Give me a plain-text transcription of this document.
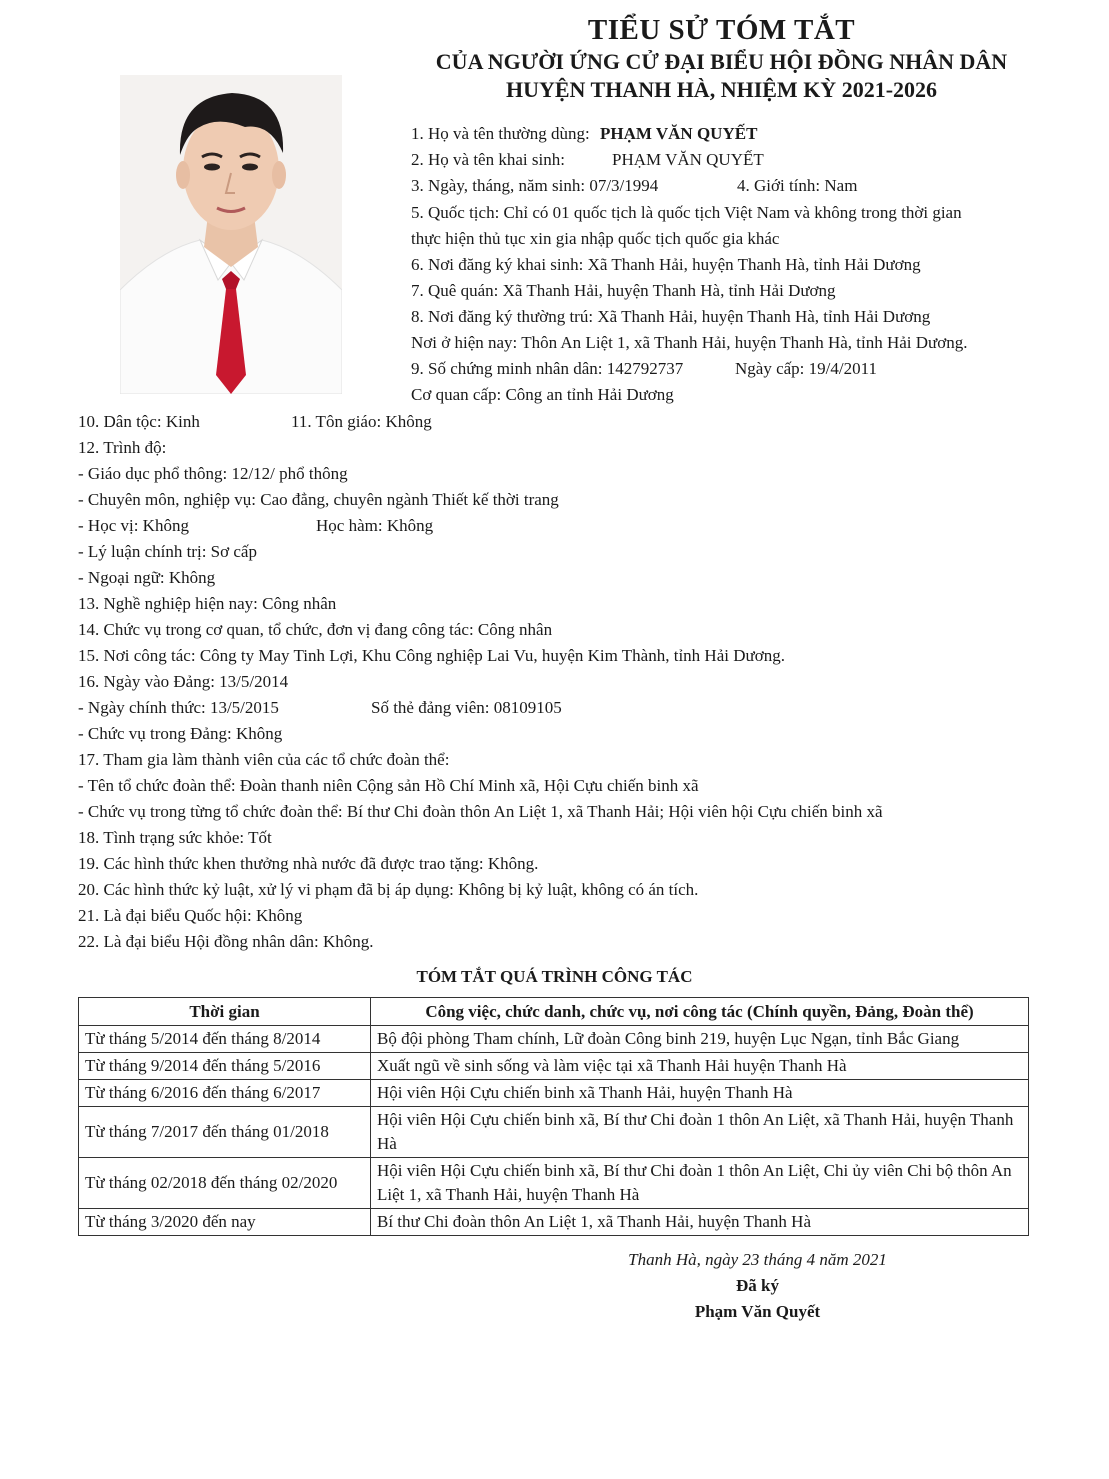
TIỂU SỬ TÓM TẮT
CỦA NGƯỜI ỨNG CỬ ĐẠI BIỂU HỘI ĐỒNG NHÂN DÂN
HUYỆN THANH HÀ, NHIỆM KỲ 2021-2026
1. Họ và tên thường dùng: PHẠM VĂN QUYẾT
2. Họ và tên khai sinh:	PHẠM VĂN QUYẾT
3. Ngày, tháng, năm sinh: 07/3/1994	4. Giới tính: Nam
5. Quốc tịch: Chỉ có 01 quốc tịch là quốc tịch Việt Nam và không trong thời gian
thực hiện thủ tục xin gia nhập quốc tịch quốc gia khác
6. Nơi đăng ký khai sinh: Xã Thanh Hải, huyện Thanh Hà, tỉnh Hải Dương
7. Quê quán: Xã Thanh Hải, huyện Thanh Hà, tỉnh Hải Dương
8. Nơi đăng ký thường trú: Xã Thanh Hải, huyện Thanh Hà, tỉnh Hải Dương
Nơi ở hiện nay: Thôn An Liệt 1, xã Thanh Hải, huyện Thanh Hà, tỉnh Hải Dương.
9. Số chứng minh nhân dân: 142792737	Ngày cấp: 19/4/2011
Cơ quan cấp: Công an tỉnh Hải Dương
10. Dân tộc: Kinh	11. Tôn giáo: Không
12. Trình độ:
- Giáo dục phổ thông: 12/12/ phổ thông
- Chuyên môn, nghiệp vụ: Cao đẳng, chuyên ngành Thiết kế thời trang
- Học vị: Không	Học hàm: Không
- Lý luận chính trị: Sơ cấp
- Ngoại ngữ: Không
13. Nghề nghiệp hiện nay: Công nhân
14. Chức vụ trong cơ quan, tổ chức, đơn vị đang công tác: Công nhân
15. Nơi công tác: Công ty May Tinh Lợi, Khu Công nghiệp Lai Vu, huyện Kim Thành, tỉnh Hải Dương.
16. Ngày vào Đảng: 13/5/2014
- Ngày chính thức: 13/5/2015	Số thẻ đảng viên: 08109105
- Chức vụ trong Đảng: Không
17. Tham gia làm thành viên của các tổ chức đoàn thể:
- Tên tổ chức đoàn thể: Đoàn thanh niên Cộng sản Hồ Chí Minh xã, Hội Cựu chiến binh xã
- Chức vụ trong từng tổ chức đoàn thể: Bí thư Chi đoàn thôn An Liệt 1, xã Thanh Hải; Hội viên hội Cựu chiến binh xã
18. Tình trạng sức khỏe: Tốt
19. Các hình thức khen thưởng nhà nước đã được trao tặng: Không.
20. Các hình thức kỷ luật, xử lý vi phạm đã bị áp dụng: Không bị kỷ luật, không có án tích.
21. Là đại biểu Quốc hội: Không
22. Là đại biểu Hội đồng nhân dân: Không.
TÓM TẮT QUÁ TRÌNH CÔNG TÁC
Thời gian	Công việc, chức danh, chức vụ, nơi công tác (Chính quyền, Đảng, Đoàn thể)
Từ tháng 5/2014 đến tháng 8/2014	Bộ đội phòng Tham chính, Lữ đoàn Công binh 219, huyện Lục Ngạn, tỉnh Bắc Giang
Từ tháng 9/2014 đến tháng 5/2016	Xuất ngũ về sinh sống và làm việc tại xã Thanh Hải huyện Thanh Hà
Từ tháng 6/2016 đến tháng 6/2017	Hội viên Hội Cựu chiến binh xã Thanh Hải, huyện Thanh Hà
Từ tháng 7/2017 đến tháng 01/2018	Hội viên Hội Cựu chiến binh xã, Bí thư Chi đoàn 1 thôn An Liệt, xã Thanh Hải, huyện Thanh Hà
Từ tháng 02/2018 đến tháng 02/2020	Hội viên Hội Cựu chiến binh xã, Bí thư Chi đoàn 1 thôn An Liệt, Chi ủy viên Chi bộ thôn An Liệt 1, xã Thanh Hải, huyện Thanh Hà
Từ tháng 3/2020 đến nay	Bí thư Chi đoàn thôn An Liệt 1, xã Thanh Hải, huyện Thanh Hà
Thanh Hà, ngày 23 tháng 4 năm 2021
Đã ký
Phạm Văn Quyết
